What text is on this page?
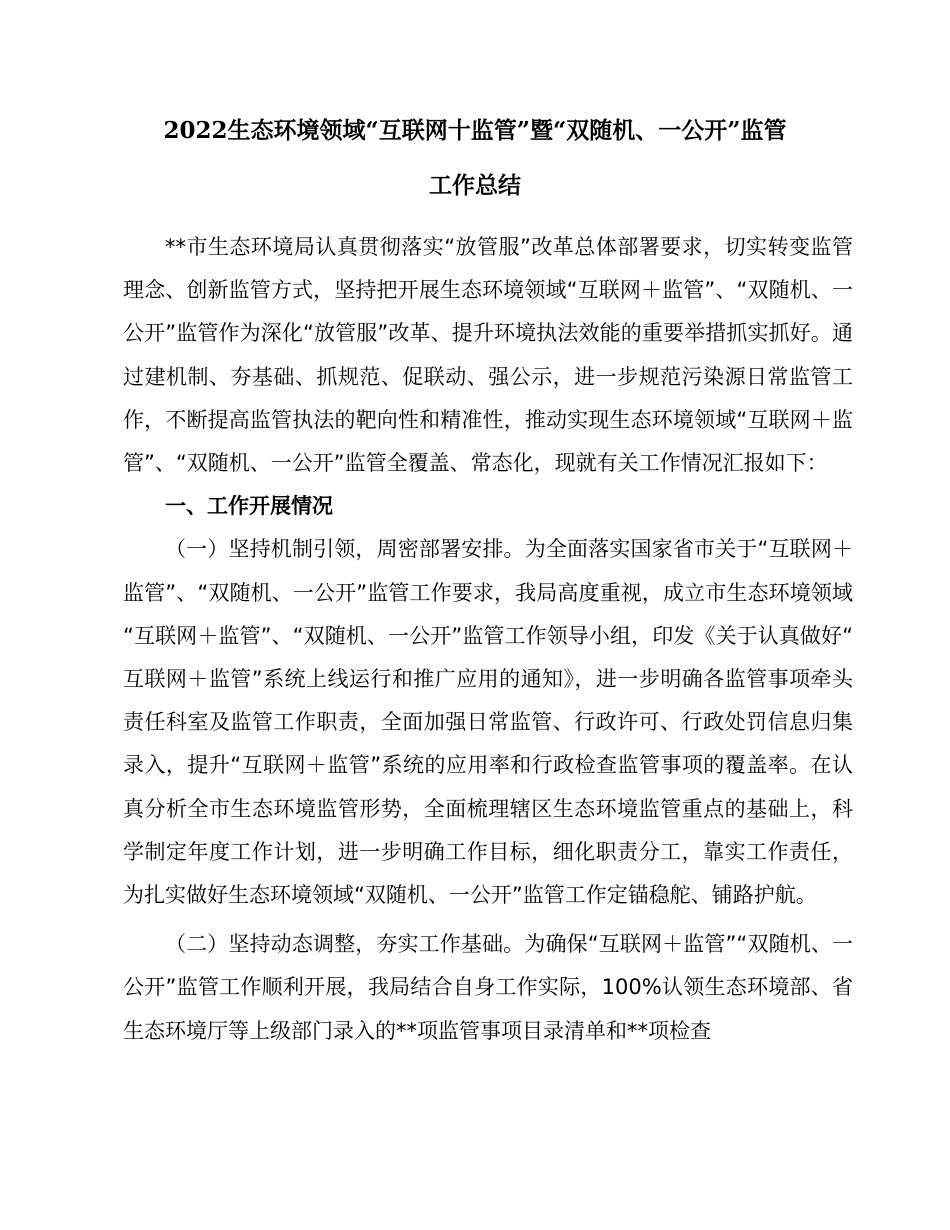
2022生态环境领域“互联网十监管”暨“双随机、一公开”监管
工作总结

**市生态环境局认真贯彻落实“放管服”改革总体部署要求，切实转变监管理念、创新监管方式，坚持把开展生态环境领域“互联网＋监管”、“双随机、一公开”监管作为深化“放管服”改革、提升环境执法效能的重要举措抓实抓好。通过建机制、夯基础、抓规范、促联动、强公示，进一步规范污染源日常监管工作，不断提高监管执法的靶向性和精准性，推动实现生态环境领域“互联网＋监管”、“双随机、一公开”监管全覆盖、常态化，现就有关工作情况汇报如下：

一、工作开展情况

（一）坚持机制引领，周密部署安排。为全面落实国家省市关于“互联网＋监管”、“双随机、一公开”监管工作要求，我局高度重视，成立市生态环境领域“互联网＋监管”、“双随机、一公开”监管工作领导小组，印发《关于认真做好“互联网＋监管”系统上线运行和推广应用的通知》，进一步明确各监管事项牵头责任科室及监管工作职责，全面加强日常监管、行政许可、行政处罚信息归集录入，提升“互联网＋监管”系统的应用率和行政检查监管事项的覆盖率。在认真分析全市生态环境监管形势，全面梳理辖区生态环境监管重点的基础上，科学制定年度工作计划，进一步明确工作目标，细化职责分工，靠实工作责任，为扎实做好生态环境领域“双随机、一公开”监管工作定锚稳舵、铺路护航。

（二）坚持动态调整，夯实工作基础。为确保“互联网＋监管”“双随机、一公开”监管工作顺利开展，我局结合自身工作实际，100%认领生态环境部、省生态环境厅等上级部门录入的**项监管事项目录清单和**项检查
